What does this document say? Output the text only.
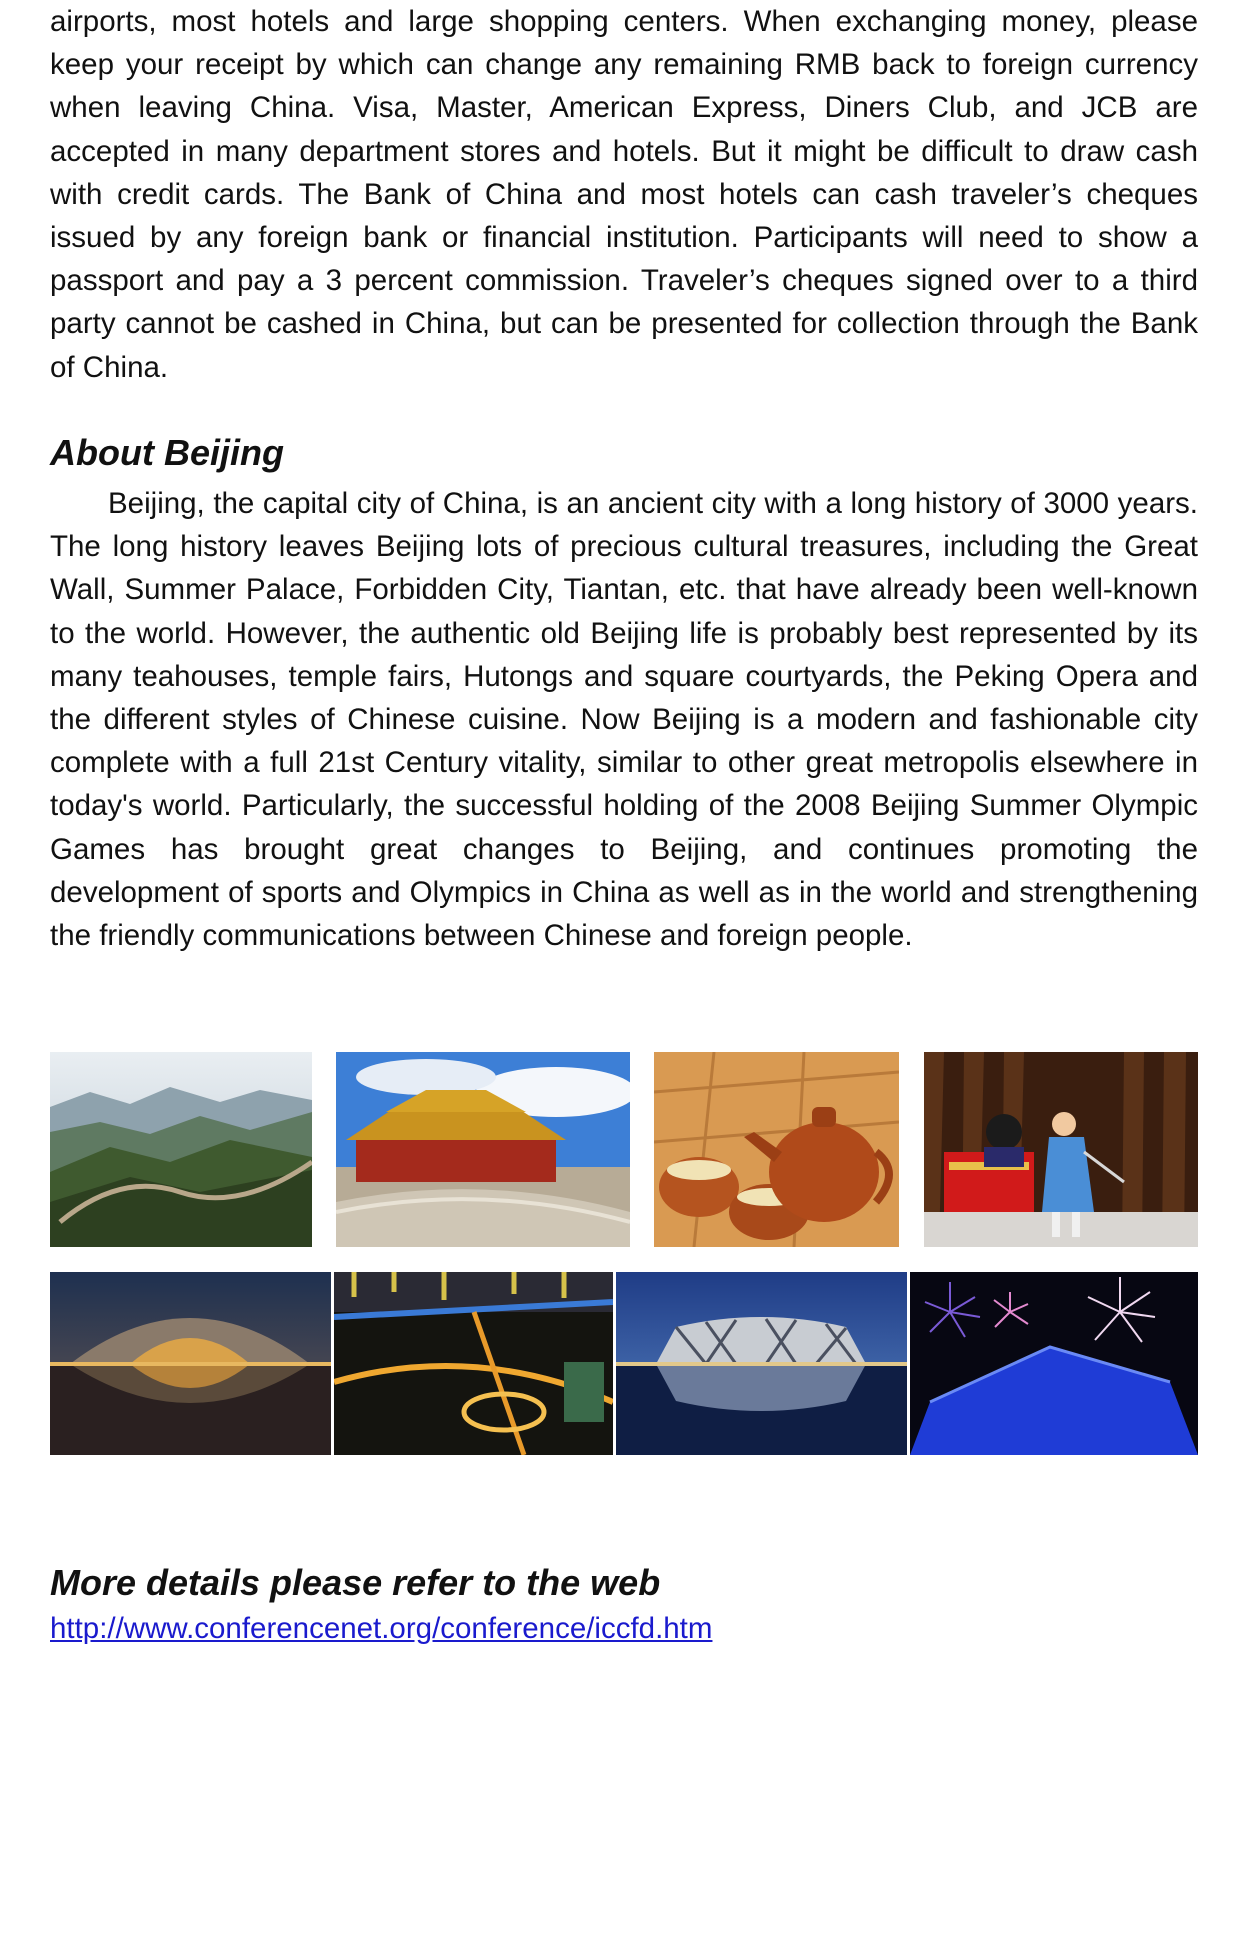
airports, most hotels and large shopping centers. When exchanging money, please keep your receipt by which can change any remaining RMB back to foreign currency when leaving China. Visa, Master, American Express, Diners Club, and JCB are accepted in many department stores and hotels. But it might be difficult to draw cash with credit cards. The Bank of China and most hotels can cash traveler’s cheques issued by any foreign bank or financial institution. Participants will need to show a passport and pay a 3 percent commission. Traveler’s cheques signed over to a third party cannot be cashed in China, but can be presented for collection through the Bank of China.

About Beijing

Beijing, the capital city of China, is an ancient city with a long history of 3000 years. The long history leaves Beijing lots of precious cultural treasures, including the Great Wall, Summer Palace, Forbidden City, Tiantan, etc. that have already been well-known to the world. However, the authentic old Beijing life is probably best represented by its many teahouses, temple fairs, Hutongs and square courtyards, the Peking Opera and the different styles of Chinese cuisine. Now Beijing is a modern and fashionable city complete with a full 21st Century vitality, similar to other great metropolis elsewhere in today's world. Particularly, the successful holding of the 2008 Beijing Summer Olympic Games has brought great changes to Beijing, and continues promoting the development of sports and Olympics in China as well as in the world and strengthening the friendly communications between Chinese and foreign people.

More details please refer to the web
http://www.conferencenet.org/conference/iccfd.htm
